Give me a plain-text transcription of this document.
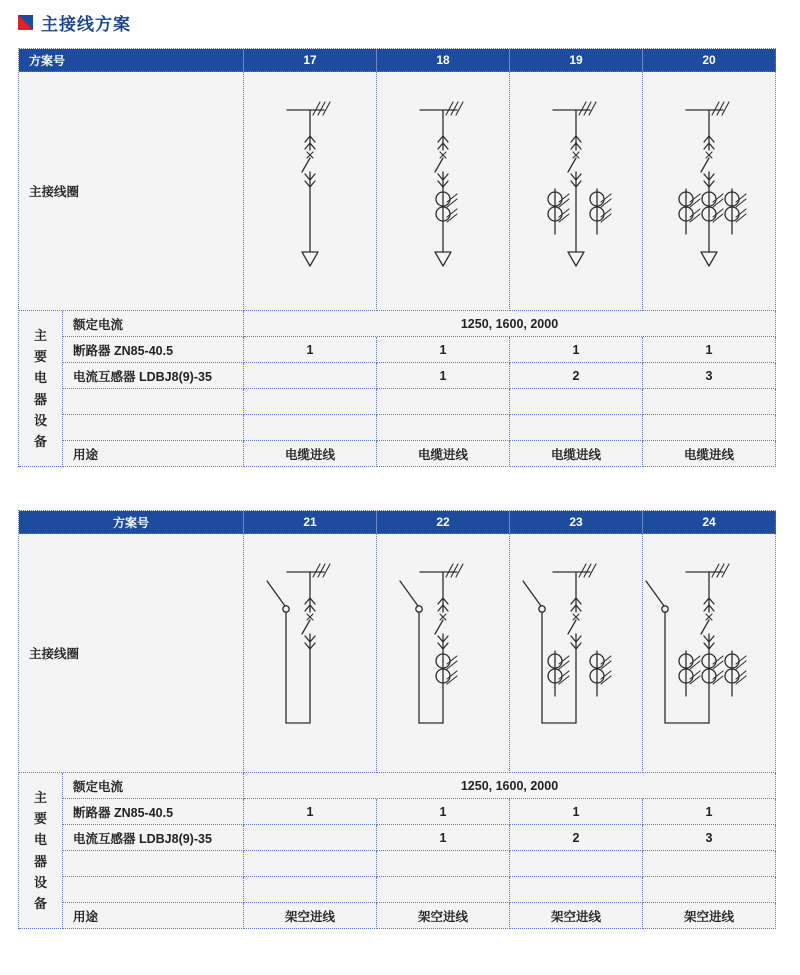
主接线方案
方案号		17	18	19	20
主接线圈	

主要电器设备	额定电流	1250, 1600, 2000			
	断路器 ZN85-40.5	1	1	1	1
	电流互感器 LDBJ8(9)-35		1	2	3

	用途	电缆进线	电缆进线	电缆进线	电缆进线
方案号		21	22	23	24
主接线圈	

主要电器设备	额定电流	1250, 1600, 2000			
	断路器 ZN85-40.5	1	1	1	1
	电流互感器 LDBJ8(9)-35		1	2	3

	用途	架空进线	架空进线	架空进线	架空进线
